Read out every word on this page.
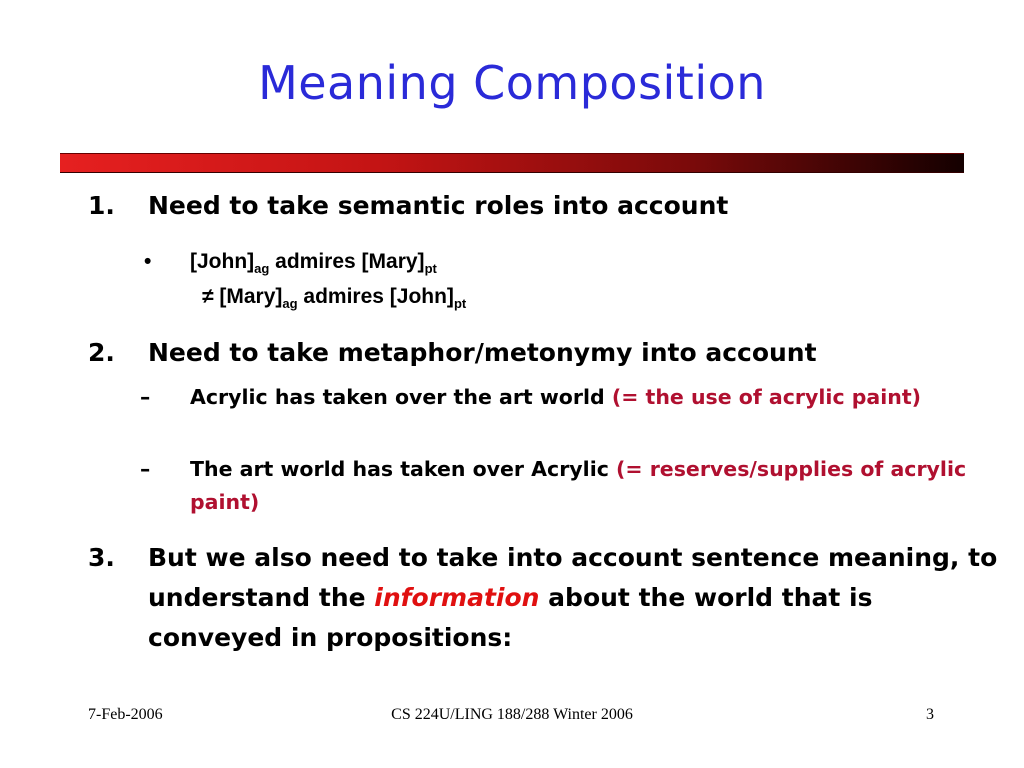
Meaning Composition
1. Need to take semantic roles into account
• $[John]_{ag}$ admires $[Mary]_{pt}$
≠ $[Mary]_{ag}$ admires $[John]_{pt}$
2. Need to take metaphor/metonymy into account
– Acrylic has taken over the art world (= the use of acrylic paint)
– The art world has taken over Acrylic (= reserves/supplies of acrylic paint)
3. But we also need to take into account sentence meaning, to understand the information about the world that is conveyed in propositions:
7-Feb-2006	CS 224U/LING 188/288 Winter 2006	3
